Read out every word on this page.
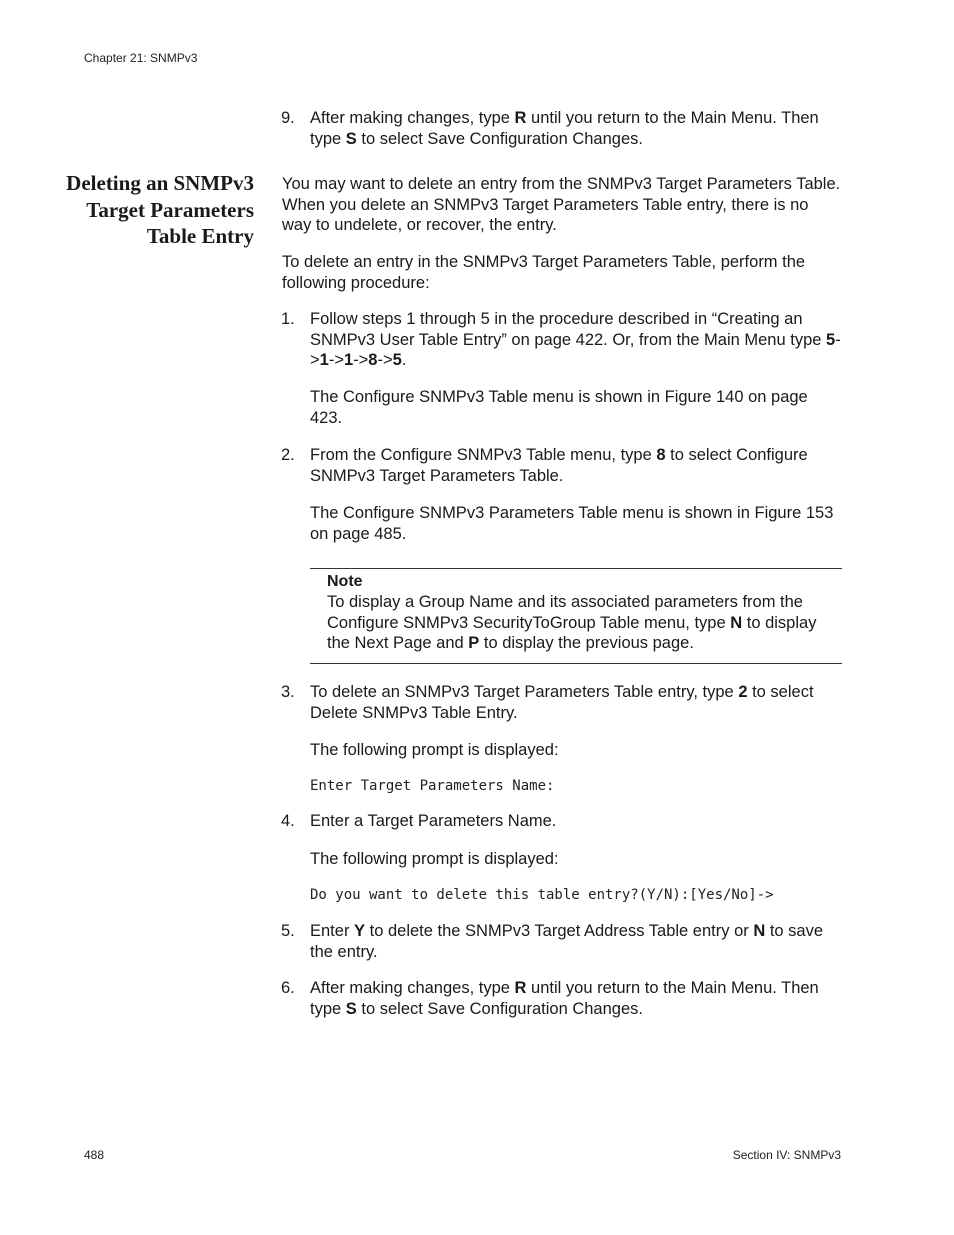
Chapter 21: SNMPv3
488	Section IV: SNMPv3
9. After making changes, type R until you return to the Main Menu. Then type S to select Save Configuration Changes.
Deleting an SNMPv3 Target Parameters Table Entry
You may want to delete an entry from the SNMPv3 Target Parameters Table. When you delete an SNMPv3 Target Parameters Table entry, there is no way to undelete, or recover, the entry.
To delete an entry in the SNMPv3 Target Parameters Table, perform the following procedure:
1. Follow steps 1 through 5 in the procedure described in “Creating an SNMPv3 User Table Entry” on page 422. Or, from the Main Menu type 5->1->1->8->5.
The Configure SNMPv3 Table menu is shown in Figure 140 on page 423.
2. From the Configure SNMPv3 Table menu, type 8 to select Configure SNMPv3 Target Parameters Table.
The Configure SNMPv3 Parameters Table menu is shown in Figure 153 on page 485.
Note
To display a Group Name and its associated parameters from the Configure SNMPv3 SecurityToGroup Table menu, type N to display the Next Page and P to display the previous page.
3. To delete an SNMPv3 Target Parameters Table entry, type 2 to select Delete SNMPv3 Table Entry.
The following prompt is displayed:
Enter Target Parameters Name:
4. Enter a Target Parameters Name.
The following prompt is displayed:
Do you want to delete this table entry?(Y/N):[Yes/No]->
5. Enter Y to delete the SNMPv3 Target Address Table entry or N to save the entry.
6. After making changes, type R until you return to the Main Menu. Then type S to select Save Configuration Changes.
